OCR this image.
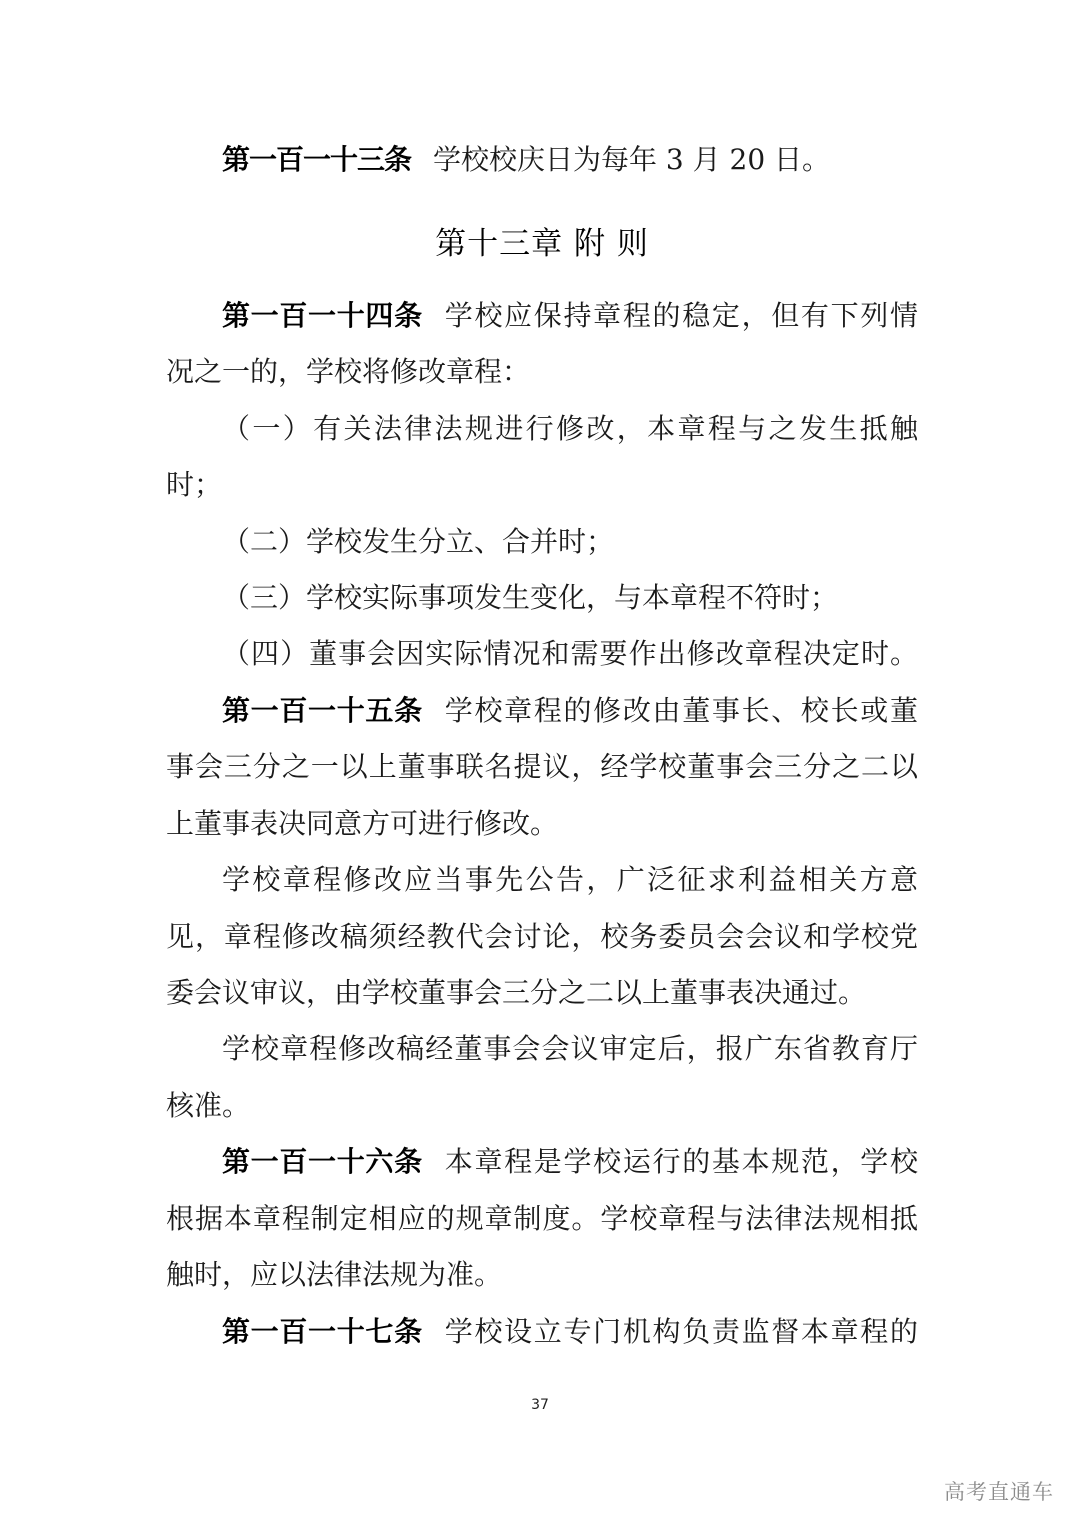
第一百一十三条 学校校庆日为每年 3 月 20 日。
第十三章 附 则
第一百一十四条 学校应保持章程的稳定，但有下列情
况之一的，学校将修改章程：
（一）有关法律法规进行修改，本章程与之发生抵触
时；
（二）学校发生分立、合并时；
（三）学校实际事项发生变化，与本章程不符时；
（四）董事会因实际情况和需要作出修改章程决定时。
第一百一十五条 学校章程的修改由董事长、校长或董
事会三分之一以上董事联名提议，经学校董事会三分之二以
上董事表决同意方可进行修改。
学校章程修改应当事先公告，广泛征求利益相关方意
见，章程修改稿须经教代会讨论，校务委员会会议和学校党
委会议审议，由学校董事会三分之二以上董事表决通过。
学校章程修改稿经董事会会议审定后，报广东省教育厅
核准。
第一百一十六条 本章程是学校运行的基本规范，学校
根据本章程制定相应的规章制度。学校章程与法律法规相抵
触时，应以法律法规为准。
第一百一十七条 学校设立专门机构负责监督本章程的
37
高考直通车
